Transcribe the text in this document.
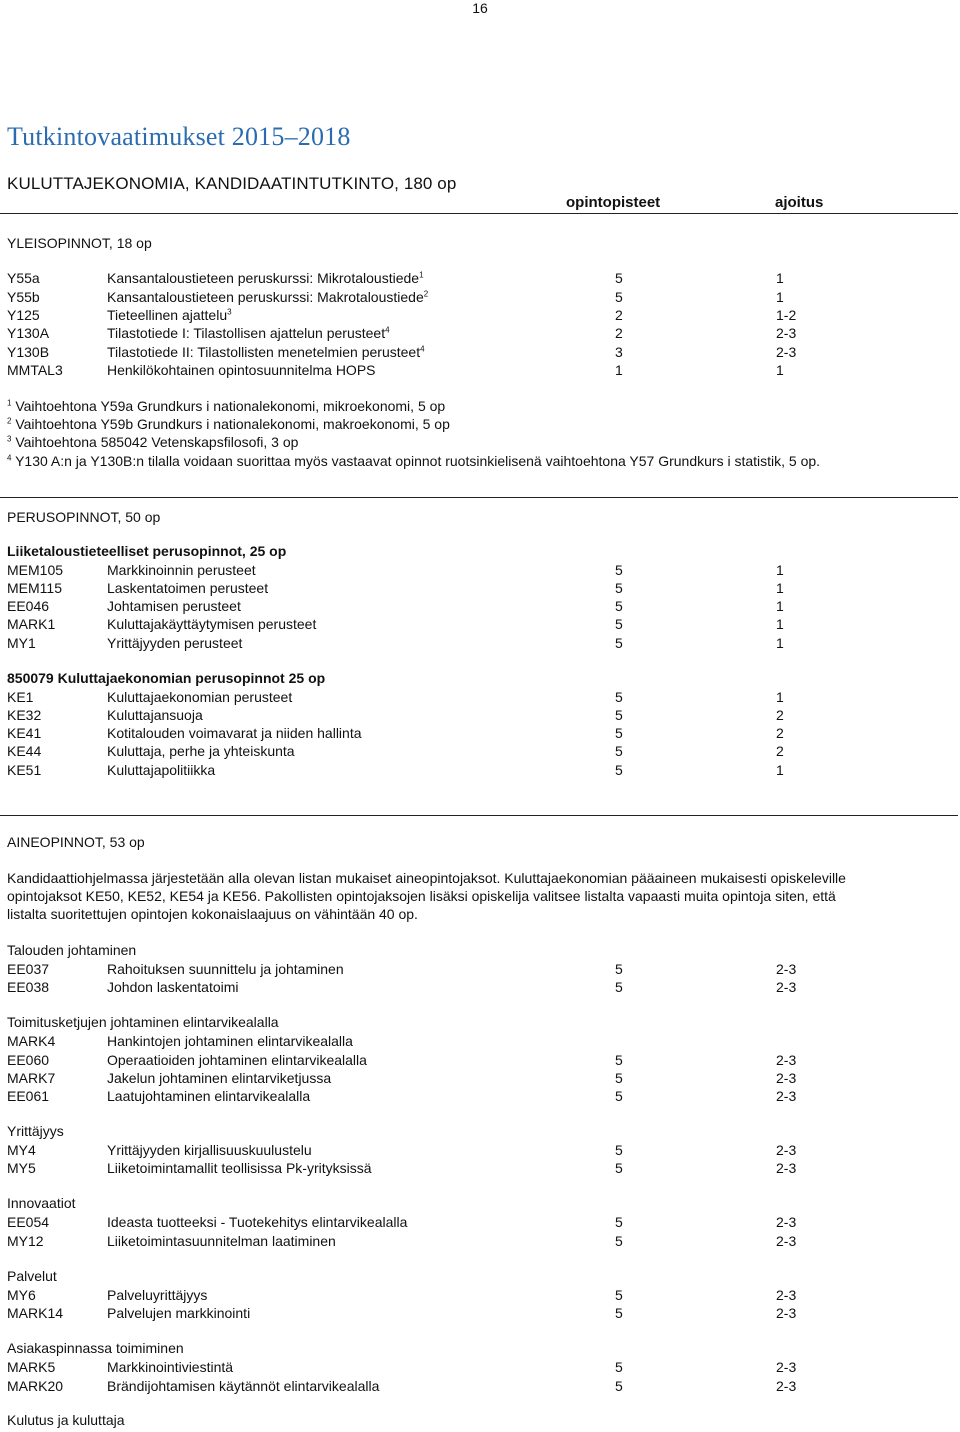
16
Tutkintovaatimukset 2015–2018
KULUTTAJEKONOMIA, KANDIDAATINTUTKINTO, 180 op
opintopisteet	ajoitus
YLEISOPINNOT, 18 op
Y55a	Kansantaloustieteen peruskurssi: Mikrotaloustiede$^1$	5	1
Y55b	Kansantaloustieteen peruskurssi: Makrotaloustiede$^2$	5	1
Y125	Tieteellinen ajattelu$^3$	2	1-2
Y130A	Tilastotiede I: Tilastollisen ajattelun perusteet$^4$	2	2-3
Y130B	Tilastotiede II: Tilastollisten menetelmien perusteet$^4$	3	2-3
MMTAL3	Henkilökohtainen opintosuunnitelma HOPS	1	1
$^1$ Vaihtoehtona Y59a Grundkurs i nationalekonomi, mikroekonomi, 5 op
$^2$ Vaihtoehtona Y59b Grundkurs i nationalekonomi, makroekonomi, 5 op
$^3$ Vaihtoehtona 585042 Vetenskapsfilosofi, 3 op
$^4$ Y130 A:n ja Y130B:n tilalla voidaan suorittaa myös vastaavat opinnot ruotsinkielisenä vaihtoehtona Y57 Grundkurs i statistik, 5 op.
PERUSOPINNOT, 50 op
Liiketaloustieteelliset perusopinnot, 25 op
MEM105	Markkinoinnin perusteet	5	1
MEM115	Laskentatoimen perusteet	5	1
EE046	Johtamisen perusteet	5	1
MARK1	Kuluttajakäyttäytymisen perusteet	5	1
MY1	Yrittäjyyden perusteet	5	1
850079 Kuluttajaekonomian perusopinnot 25 op
KE1	Kuluttajaekonomian perusteet	5	1
KE32	Kuluttajansuoja	5	2
KE41	Kotitalouden voimavarat ja niiden hallinta	5	2
KE44	Kuluttaja, perhe ja yhteiskunta	5	2
KE51	Kuluttajapolitiikka	5	1
AINEOPINNOT, 53 op
Kandidaattiohjelmassa järjestetään alla olevan listan mukaiset aineopintojaksot. Kuluttajaekonomian pääaineen mukaisesti opiskeleville
opintojaksot KE50, KE52, KE54 ja KE56. Pakollisten opintojaksojen lisäksi opiskelija valitsee listalta vapaasti muita opintoja siten, että
listalta suoritettujen opintojen kokonaislaajuus on vähintään 40 op.
Talouden johtaminen
EE037	Rahoituksen suunnittelu ja johtaminen	5	2-3
EE038	Johdon laskentatoimi	5	2-3
Toimitusketjujen johtaminen elintarvikealalla
MARK4	Hankintojen johtaminen elintarvikealalla
EE060	Operaatioiden johtaminen elintarvikealalla	5	2-3
MARK7	Jakelun johtaminen elintarviketjussa	5	2-3
EE061	Laatujohtaminen elintarvikealalla	5	2-3
Yrittäjyys
MY4	Yrittäjyyden kirjallisuuskuulustelu	5	2-3
MY5	Liiketoimintamallit teollisissa Pk-yrityksissä	5	2-3
Innovaatiot
EE054	Ideasta tuotteeksi - Tuotekehitys elintarvikealalla	5	2-3
MY12	Liiketoimintasuunnitelman laatiminen	5	2-3
Palvelut
MY6	Palveluyrittäjyys	5	2-3
MARK14	Palvelujen markkinointi	5	2-3
Asiakaspinnassa toimiminen
MARK5	Markkinointiviestintä	5	2-3
MARK20	Brändijohtamisen käytännöt elintarvikealalla	5	2-3
Kulutus ja kuluttaja
